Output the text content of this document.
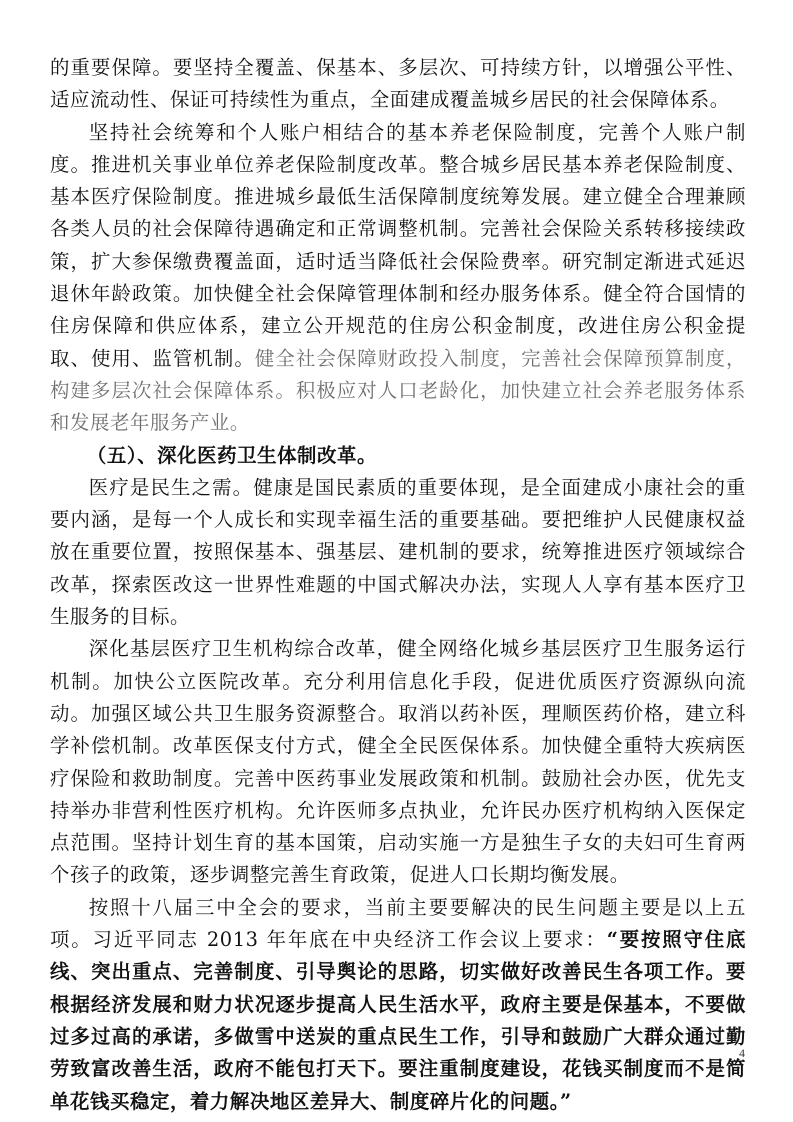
的重要保障。要坚持全覆盖、保基本、多层次、可持续方针，以增强公平性、适应流动性、保证可持续性为重点，全面建成覆盖城乡居民的社会保障体系。

坚持社会统筹和个人账户相结合的基本养老保险制度，完善个人账户制度。推进机关事业单位养老保险制度改革。整合城乡居民基本养老保险制度、基本医疗保险制度。推进城乡最低生活保障制度统筹发展。建立健全合理兼顾各类人员的社会保障待遇确定和正常调整机制。完善社会保险关系转移接续政策，扩大参保缴费覆盖面，适时适当降低社会保险费率。研究制定渐进式延迟退休年龄政策。加快健全社会保障管理体制和经办服务体系。健全符合国情的住房保障和供应体系，建立公开规范的住房公积金制度，改进住房公积金提取、使用、监管机制。健全社会保障财政投入制度，完善社会保障预算制度，构建多层次社会保障体系。积极应对人口老龄化，加快建立社会养老服务体系和发展老年服务产业。

（五）、深化医药卫生体制改革。

医疗是民生之需。健康是国民素质的重要体现，是全面建成小康社会的重要内涵，是每一个人成长和实现幸福生活的重要基础。要把维护人民健康权益放在重要位置，按照保基本、强基层、建机制的要求，统筹推进医疗领域综合改革，探索医改这一世界性难题的中国式解决办法，实现人人享有基本医疗卫生服务的目标。

深化基层医疗卫生机构综合改革，健全网络化城乡基层医疗卫生服务运行机制。加快公立医院改革。充分利用信息化手段，促进优质医疗资源纵向流动。加强区域公共卫生服务资源整合。取消以药补医，理顺医药价格，建立科学补偿机制。改革医保支付方式，健全全民医保体系。加快健全重特大疾病医疗保险和救助制度。完善中医药事业发展政策和机制。鼓励社会办医，优先支持举办非营利性医疗机构。允许医师多点执业，允许民办医疗机构纳入医保定点范围。坚持计划生育的基本国策，启动实施一方是独生子女的夫妇可生育两个孩子的政策，逐步调整完善生育政策，促进人口长期均衡发展。

按照十八届三中全会的要求，当前主要要解决的民生问题主要是以上五项。习近平同志 2013 年年底在中央经济工作会议上要求：“要按照守住底线、突出重点、完善制度、引导舆论的思路，切实做好改善民生各项工作。要根据经济发展和财力状况逐步提高人民生活水平，政府主要是保基本，不要做过多过高的承诺，多做雪中送炭的重点民生工作，引导和鼓励广大群众通过勤劳致富改善生活，政府不能包打天下。要注重制度建设，花钱买制度而不是简单花钱买稳定，着力解决地区差异大、制度碎片化的问题。”

4
